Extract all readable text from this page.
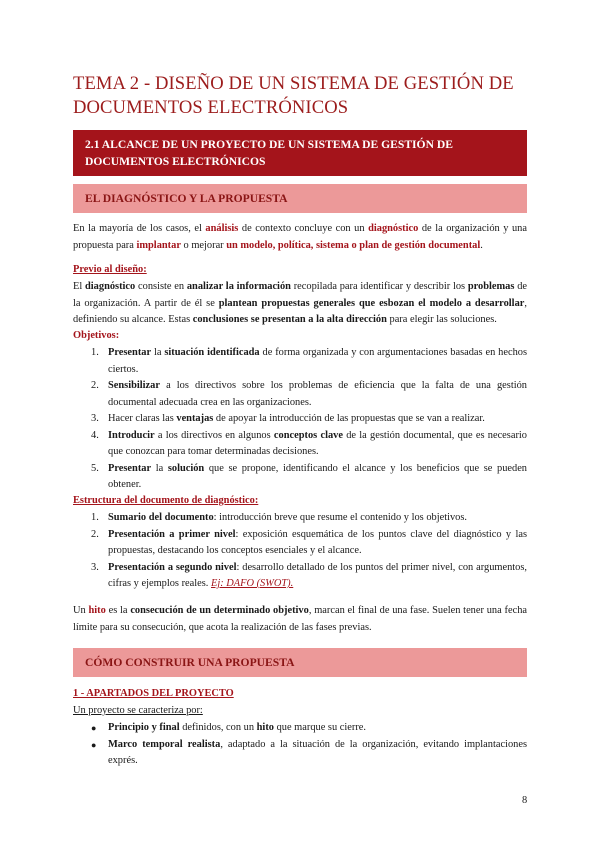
TEMA 2 - DISEÑO DE UN SISTEMA DE GESTIÓN DE DOCUMENTOS ELECTRÓNICOS
2.1 ALCANCE DE UN PROYECTO DE UN SISTEMA DE GESTIÓN DE DOCUMENTOS ELECTRÓNICOS
EL DIAGNÓSTICO Y LA PROPUESTA
En la mayoría de los casos, el análisis de contexto concluye con un diagnóstico de la organización y una propuesta para implantar o mejorar un modelo, política, sistema o plan de gestión documental.
Previo al diseño:
El diagnóstico consiste en analizar la información recopilada para identificar y describir los problemas de la organización. A partir de él se plantean propuestas generales que esbozan el modelo a desarrollar, definiendo su alcance. Estas conclusiones se presentan a la alta dirección para elegir las soluciones.
Objetivos:
1. Presentar la situación identificada de forma organizada y con argumentaciones basadas en hechos ciertos.
2. Sensibilizar a los directivos sobre los problemas de eficiencia que la falta de una gestión documental adecuada crea en las organizaciones.
3. Hacer claras las ventajas de apoyar la introducción de las propuestas que se van a realizar.
4. Introducir a los directivos en algunos conceptos clave de la gestión documental, que es necesario que conozcan para tomar determinadas decisiones.
5. Presentar la solución que se propone, identificando el alcance y los beneficios que se pueden obtener.
Estructura del documento de diagnóstico:
1. Sumario del documento: introducción breve que resume el contenido y los objetivos.
2. Presentación a primer nivel: exposición esquemática de los puntos clave del diagnóstico y las propuestas, destacando los conceptos esenciales y el alcance.
3. Presentación a segundo nivel: desarrollo detallado de los puntos del primer nivel, con argumentos, cifras y ejemplos reales. Ej: DAFO (SWOT).
Un hito es la consecución de un determinado objetivo, marcan el final de una fase. Suelen tener una fecha límite para su consecución, que acota la realización de las fases previas.
CÓMO CONSTRUIR UNA PROPUESTA
1 - APARTADOS DEL PROYECTO
Un proyecto se caracteriza por:
● Principio y final definidos, con un hito que marque su cierre.
● Marco temporal realista, adaptado a la situación de la organización, evitando implantaciones exprés.
8
